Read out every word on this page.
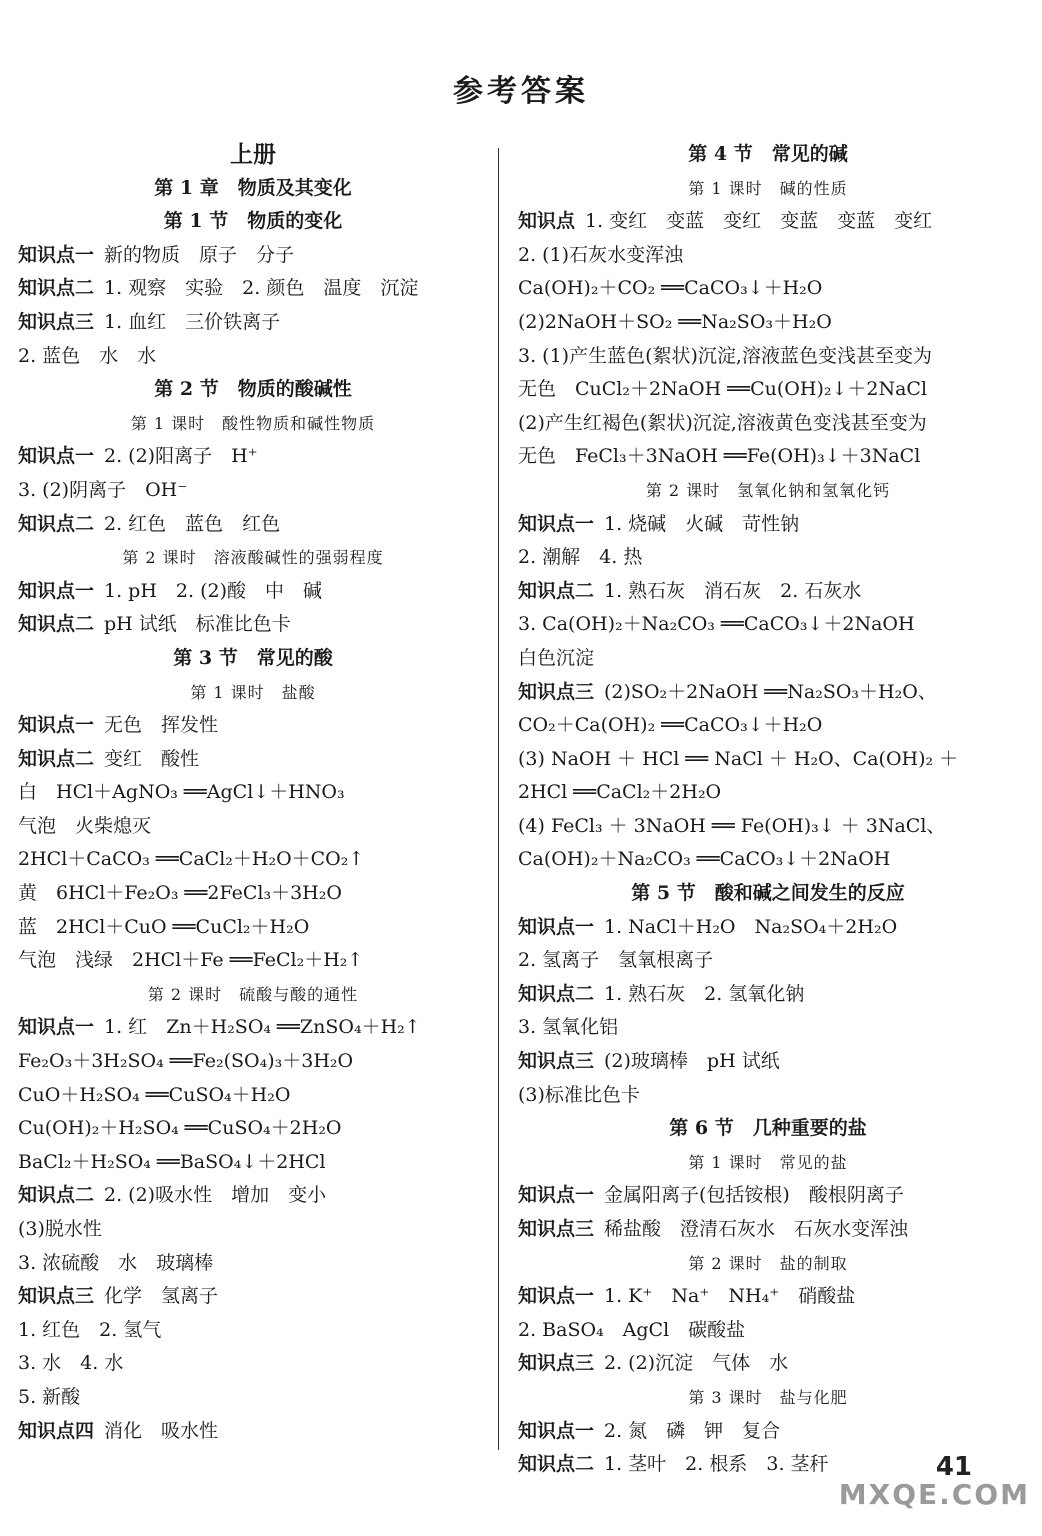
参考答案
上册
第 1 章　物质及其变化
第 1 节　物质的变化
知识点一 新的物质　原子　分子
知识点二 1. 观察　实验　2. 颜色　温度　沉淀
知识点三 1. 血红　三价铁离子
2. 蓝色　水　水
第 2 节　物质的酸碱性
第 1 课时　酸性物质和碱性物质
知识点一 2. (2)阳离子　H⁺
3. (2)阴离子　OH⁻
知识点二 2. 红色　蓝色　红色
第 2 课时　溶液酸碱性的强弱程度
知识点一 1. pH　2. (2)酸　中　碱
知识点二 pH 试纸　标准比色卡
第 3 节　常见的酸
第 1 课时　盐酸
知识点一 无色　挥发性
知识点二 变红　酸性
白　HCl＋AgNO₃ ══AgCl↓＋HNO₃
气泡　火柴熄灭
2HCl＋CaCO₃ ══CaCl₂＋H₂O＋CO₂↑
黄　6HCl＋Fe₂O₃ ══2FeCl₃＋3H₂O
蓝　2HCl＋CuO ══CuCl₂＋H₂O
气泡　浅绿　2HCl＋Fe ══FeCl₂＋H₂↑
第 2 课时　硫酸与酸的通性
知识点一 1. 红　Zn＋H₂SO₄ ══ZnSO₄＋H₂↑
Fe₂O₃＋3H₂SO₄ ══Fe₂(SO₄)₃＋3H₂O
CuO＋H₂SO₄ ══CuSO₄＋H₂O
Cu(OH)₂＋H₂SO₄ ══CuSO₄＋2H₂O
BaCl₂＋H₂SO₄ ══BaSO₄↓＋2HCl
知识点二 2. (2)吸水性　增加　变小
(3)脱水性
3. 浓硫酸　水　玻璃棒
知识点三 化学　氢离子
1. 红色　2. 氢气
3. 水　4. 水
5. 新酸
知识点四 消化　吸水性
第 4 节　常见的碱
第 1 课时　碱的性质
知识点 1. 变红　变蓝　变红　变蓝　变蓝　变红
2. (1)石灰水变浑浊
Ca(OH)₂＋CO₂ ══CaCO₃↓＋H₂O
(2)2NaOH＋SO₂ ══Na₂SO₃＋H₂O
3. (1)产生蓝色(絮状)沉淀,溶液蓝色变浅甚至变为
无色　CuCl₂＋2NaOH ══Cu(OH)₂↓＋2NaCl
(2)产生红褐色(絮状)沉淀,溶液黄色变浅甚至变为
无色　FeCl₃＋3NaOH ══Fe(OH)₃↓＋3NaCl
第 2 课时　氢氧化钠和氢氧化钙
知识点一 1. 烧碱　火碱　苛性钠
2. 潮解　4. 热
知识点二 1. 熟石灰　消石灰　2. 石灰水
3. Ca(OH)₂＋Na₂CO₃ ══CaCO₃↓＋2NaOH
白色沉淀
知识点三 (2)SO₂＋2NaOH ══Na₂SO₃＋H₂O、
CO₂＋Ca(OH)₂ ══CaCO₃↓＋H₂O
(3) NaOH ＋ HCl ══ NaCl ＋ H₂O、Ca(OH)₂ ＋
2HCl ══CaCl₂＋2H₂O
(4) FeCl₃ ＋ 3NaOH ══ Fe(OH)₃↓ ＋ 3NaCl、
Ca(OH)₂＋Na₂CO₃ ══CaCO₃↓＋2NaOH
第 5 节　酸和碱之间发生的反应
知识点一 1. NaCl＋H₂O　Na₂SO₄＋2H₂O
2. 氢离子　氢氧根离子
知识点二 1. 熟石灰　2. 氢氧化钠
3. 氢氧化铝
知识点三 (2)玻璃棒　pH 试纸
(3)标准比色卡
第 6 节　几种重要的盐
第 1 课时　常见的盐
知识点一 金属阳离子(包括铵根)　酸根阴离子
知识点三 稀盐酸　澄清石灰水　石灰水变浑浊
第 2 课时　盐的制取
知识点一 1. K⁺　Na⁺　NH₄⁺　硝酸盐
2. BaSO₄　AgCl　碳酸盐
知识点三 2. (2)沉淀　气体　水
第 3 课时　盐与化肥
知识点一 2. 氮　磷　钾　复合
知识点二 1. 茎叶　2. 根系　3. 茎秆	41
MXQE.COM
